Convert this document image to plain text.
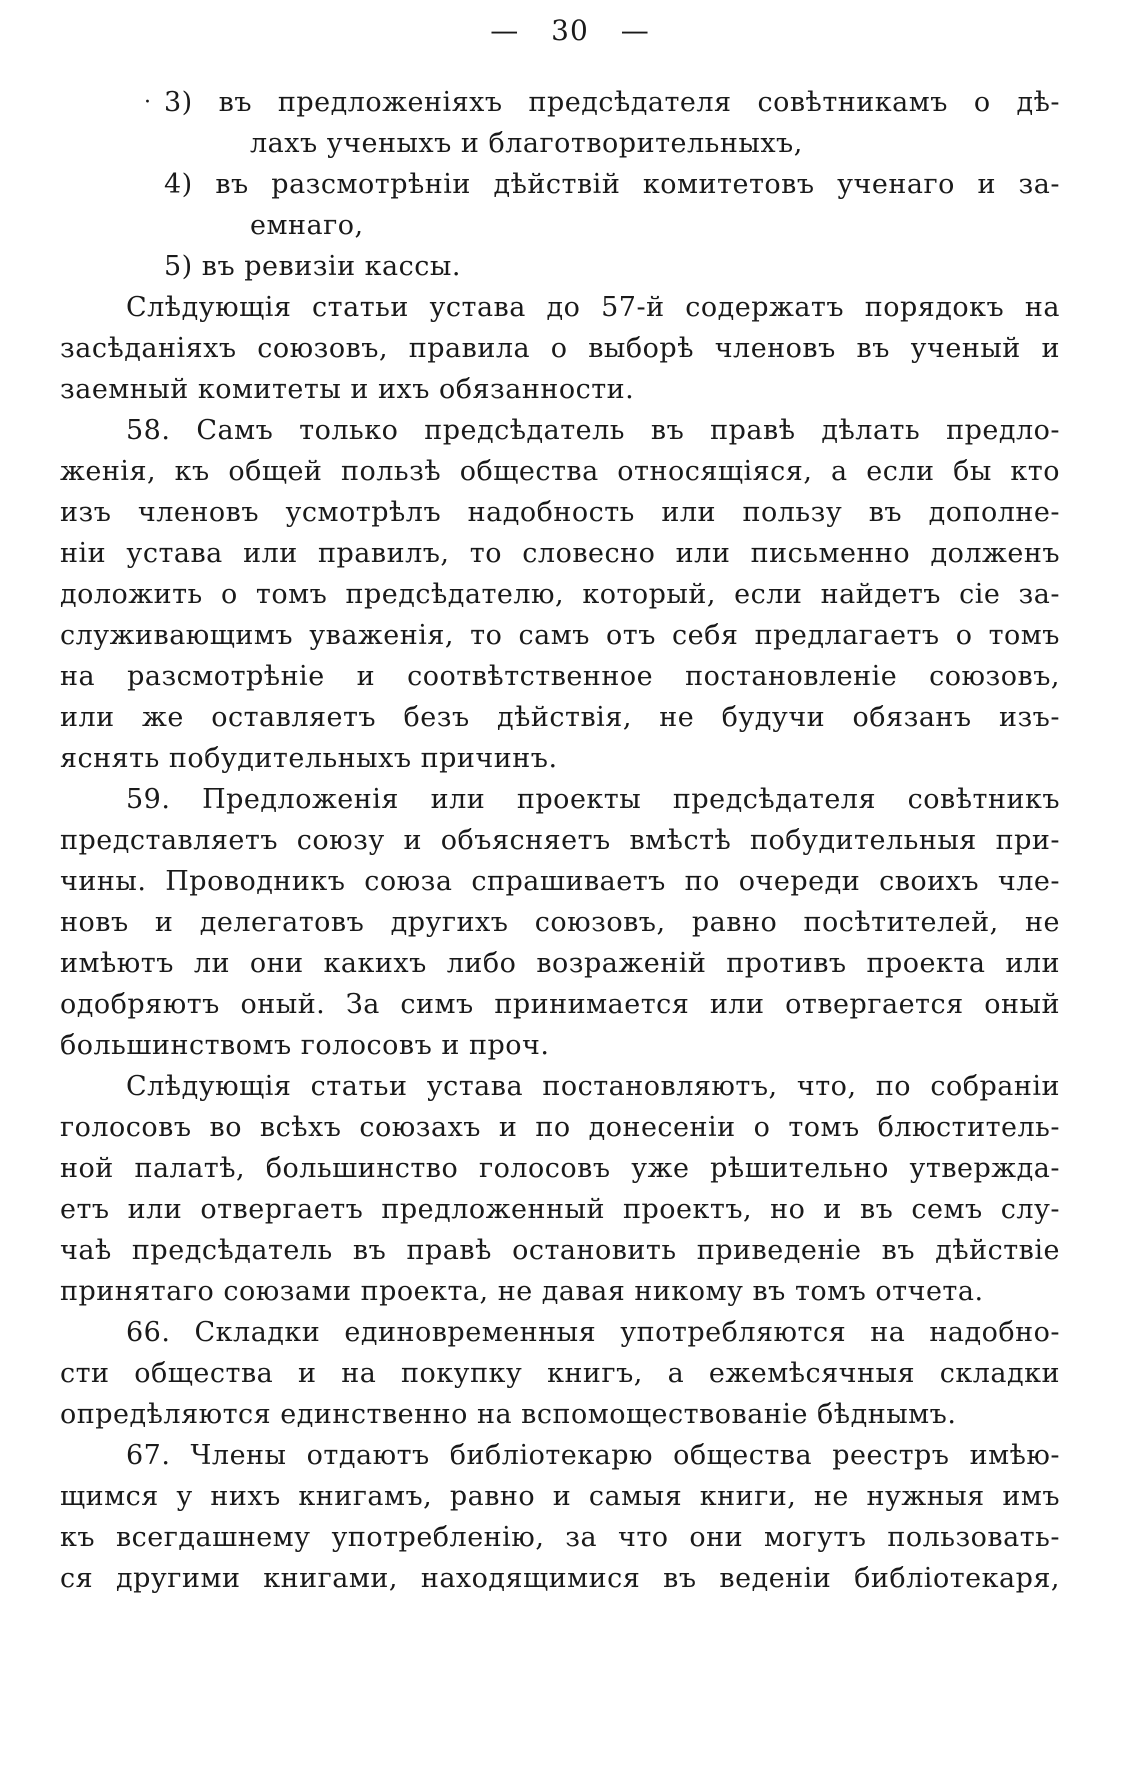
— 30 —
· 3) въ предложеніяхъ предсѣдателя совѣтникамъ о дѣ-
лахъ ученыхъ и благотворительныхъ,
4) въ разсмотрѣніи дѣйствій комитетовъ ученаго и за-
емнаго,
5) въ ревизіи кассы.
Слѣдующія статьи устава до 57-й содержатъ порядокъ на
засѣданіяхъ союзовъ, правила о выборѣ членовъ въ ученый и
заемный комитеты и ихъ обязанности.
58. Самъ только предсѣдатель въ правѣ дѣлать предло-
женія, къ общей пользѣ общества относящіяся, а если бы кто
изъ членовъ усмотрѣлъ надобность или пользу въ дополне-
ніи устава или правилъ, то словесно или письменно долженъ
доложить о томъ предсѣдателю, который, если найдетъ сіе за-
служивающимъ уваженія, то самъ отъ себя предлагаетъ о томъ
на разсмотрѣніе и соотвѣтственное постановленіе союзовъ,
или же оставляетъ безъ дѣйствія, не будучи обязанъ изъ-
яснять побудительныхъ причинъ.
59. Предложенія или проекты предсѣдателя совѣтникъ
представляетъ союзу и объясняетъ вмѣстѣ побудительныя при-
чины. Проводникъ союза спрашиваетъ по очереди своихъ чле-
новъ и делегатовъ другихъ союзовъ, равно посѣтителей, не
имѣютъ ли они какихъ либо возраженій противъ проекта или
одобряютъ оный. За симъ принимается или отвергается оный
большинствомъ голосовъ и проч.
Слѣдующія статьи устава постановляютъ, что, по собраніи
голосовъ во всѣхъ союзахъ и по донесеніи о томъ блюститель-
ной палатѣ, большинство голосовъ уже рѣшительно утвержда-
етъ или отвергаетъ предложенный проектъ, но и въ семъ слу-
чаѣ предсѣдатель въ правѣ остановить приведеніе въ дѣйствіе
принятаго союзами проекта, не давая никому въ томъ отчета.
66. Складки единовременныя употребляются на надобно-
сти общества и на покупку книгъ, а ежемѣсячныя складки
опредѣляются единственно на вспомоществованіе бѣднымъ.
67. Члены отдаютъ библіотекарю общества реестръ имѣю-
щимся у нихъ книгамъ, равно и самыя книги, не нужныя имъ
къ всегдашнему употребленію, за что они могутъ пользовать-
ся другими книгами, находящимися въ веденіи библіотекаря,
